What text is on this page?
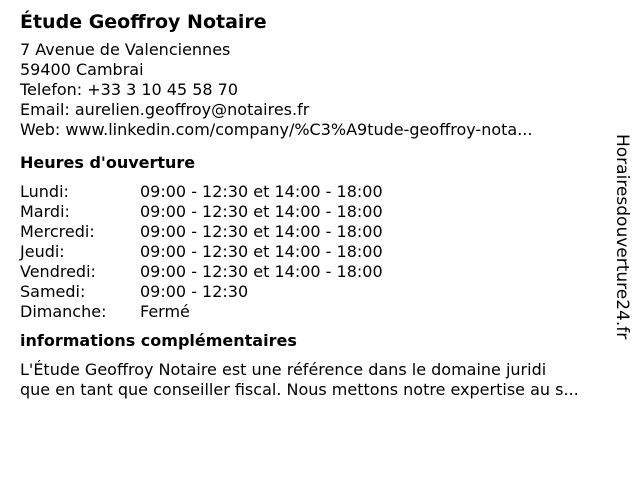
Étude Geoffroy Notaire
7 Avenue de Valenciennes
59400 Cambrai
Telefon: +33 3 10 45 58 70
Email: aurelien.geoffroy@notaires.fr
Web: www.linkedin.com/company/%C3%A9tude-geoffroy-nota...
Heures d'ouverture
Lundi:	09:00 - 12:30 et 14:00 - 18:00
Mardi:	09:00 - 12:30 et 14:00 - 18:00
Mercredi:	09:00 - 12:30 et 14:00 - 18:00
Jeudi:	09:00 - 12:30 et 14:00 - 18:00
Vendredi:	09:00 - 12:30 et 14:00 - 18:00
Samedi:	09:00 - 12:30
Dimanche:	Fermé
informations complémentaires
L'Étude Geoffroy Notaire est une référence dans le domaine juridi
que en tant que conseiller fiscal. Nous mettons notre expertise au s...
Horairesdouverture24.fr
